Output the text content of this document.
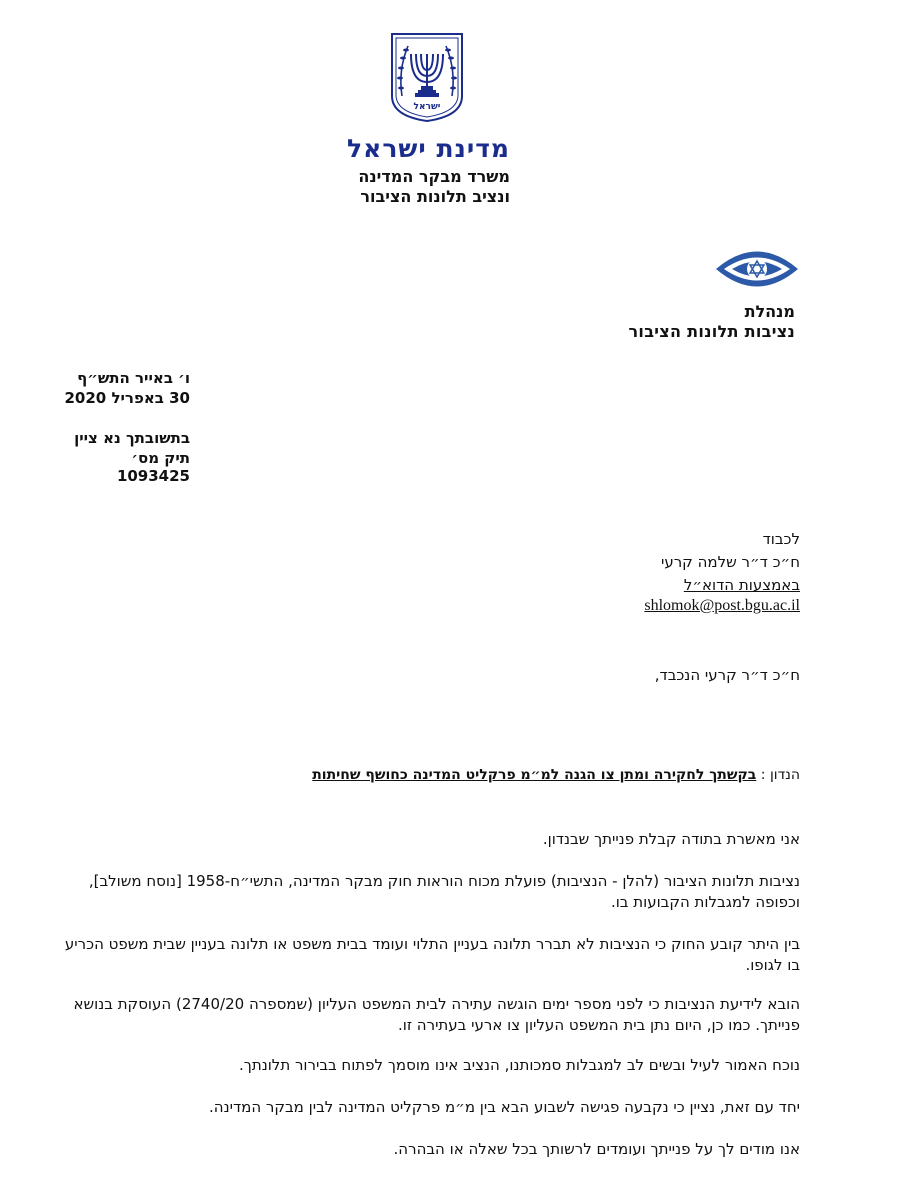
ישראל
מדינת ישראל
משרד מבקר המדינה
ונציב תלונות הציבור
מנהלת
נציבות תלונות הציבור
ו׳ באייר התש״ף
30 באפריל 2020
בתשובתך נא ציין
תיק מס׳ 1093425
לכבוד
ח״כ ד״ר שלמה קרעי
באמצעות הדוא״ל
shlomok@post.bgu.ac.il
ח״כ ד״ר קרעי הנכבד,
הנדון : בקשתך לחקירה ומתן צו הגנה למ״מ פרקליט המדינה כחושף שחיתות
אני מאשרת בתודה קבלת פנייתך שבנדון.
נציבות תלונות הציבור (להלן - הנציבות) פועלת מכוח הוראות חוק מבקר המדינה, התשי״ח-1958 [נוסח משולב], וכפופה למגבלות הקבועות בו.
בין היתר קובע החוק כי הנציבות לא תברר תלונה בעניין התלוי ועומד בבית משפט או תלונה בעניין שבית משפט הכריע בו לגופו.
הובא לידיעת הנציבות כי לפני מספר ימים הוגשה עתירה לבית המשפט העליון (שמספרה 2740/20) העוסקת בנושא פנייתך. כמו כן, היום נתן בית המשפט העליון צו ארעי בעתירה זו.
נוכח האמור לעיל ובשים לב למגבלות סמכותנו, הנציב אינו מוסמך לפתוח בבירור תלונתך.
יחד עם זאת, נציין כי נקבעה פגישה לשבוע הבא בין מ״מ פרקליט המדינה לבין מבקר המדינה.
אנו מודים לך על פנייתך ועומדים לרשותך בכל שאלה או הבהרה.
